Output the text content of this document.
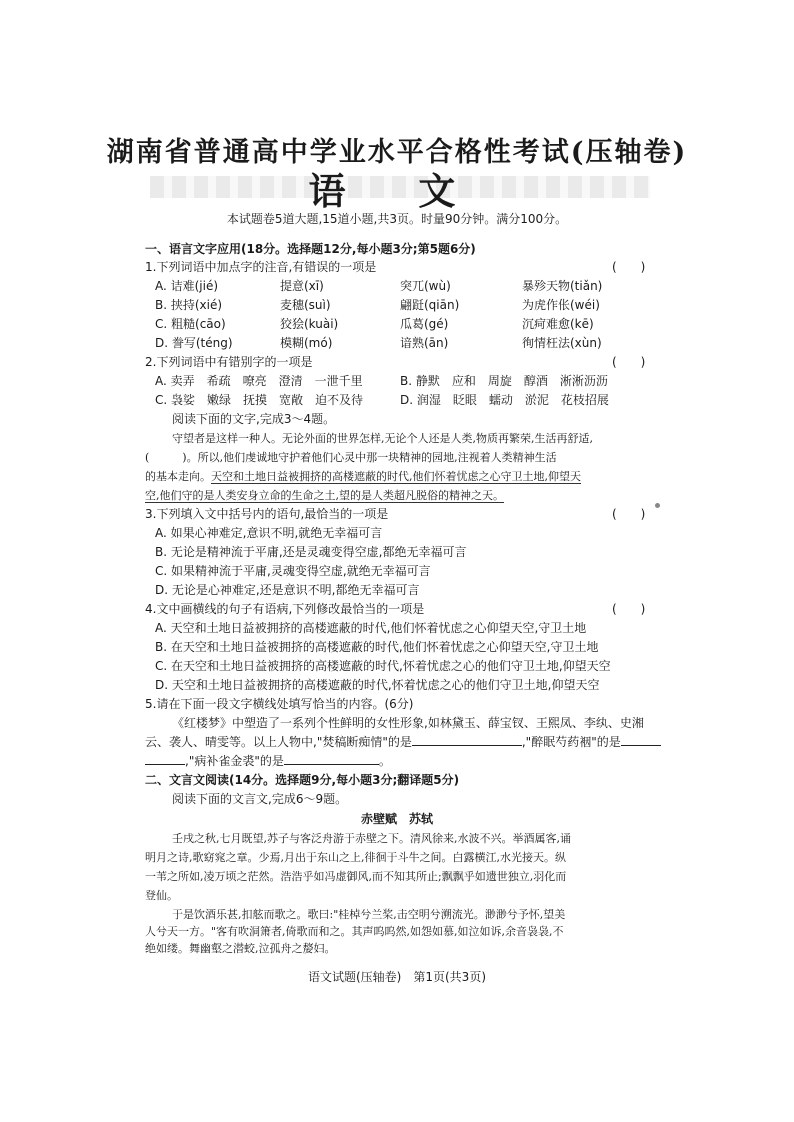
湖南省普通高中学业水平合格性考试(压轴卷)
语 文
本试题卷5道大题,15道小题,共3页。时量90分钟。满分100分。
一、语言文字应用(18分。选择题12分,每小题3分;第5题6分)
1.下列词语中加点字的注音,有错误的一项是	(　　)
A. 诘难(jié)	提意(xī)	突兀(wù)	暴殄天物(tiǎn)
B. 挟持(xié)	麦穗(suì)	翩跹(qiān)	为虎作伥(wéi)
C. 粗糙(cāo)	狡狯(kuài)	瓜葛(gé)	沉疴难愈(kē)
D. 誊写(téng)	模糊(mó)	谙熟(ān)	徇情枉法(xùn)
2.下列词语中有错别字的一项是	(　　)
A. 卖弄　希疏　嘹亮　澄清　一泄千里	B. 静默　应和　周旋　醇酒　淅淅沥沥
C. 袅娑　嫩绿　抚摸　宽敞　迫不及待	D. 润湿　眨眼　蠕动　淤泥　花枝招展
阅读下面的文字,完成3～4题。
守望者是这样一种人。无论外面的世界怎样,无论个人还是人类,物质再繁荣,生活再舒适,
(　　　)。所以,他们虔诚地守护着他们心灵中那一块精神的园地,注视着人类精神生活
的基本走向。天空和土地日益被拥挤的高楼遮蔽的时代,他们怀着忧虑之心守卫土地,仰望天
空,他们守的是人类安身立命的生命之土,望的是人类超凡脱俗的精神之天。
3.下列填入文中括号内的语句,最恰当的一项是	(　　)
A. 如果心神难定,意识不明,就绝无幸福可言
B. 无论是精神流于平庸,还是灵魂变得空虚,都绝无幸福可言
C. 如果精神流于平庸,灵魂变得空虚,就绝无幸福可言
D. 无论是心神难定,还是意识不明,都绝无幸福可言
4.文中画横线的句子有语病,下列修改最恰当的一项是	(　　)
A. 天空和土地日益被拥挤的高楼遮蔽的时代,他们怀着忧虑之心仰望天空,守卫土地
B. 在天空和土地日益被拥挤的高楼遮蔽的时代,他们怀着忧虑之心仰望天空,守卫土地
C. 在天空和土地日益被拥挤的高楼遮蔽的时代,怀着忧虑之心的他们守卫土地,仰望天空
D. 天空和土地日益被拥挤的高楼遮蔽的时代,怀着忧虑之心的他们守卫土地,仰望天空
5.请在下面一段文字横线处填写恰当的内容。(6分)
《红楼梦》中塑造了一系列个性鲜明的女性形象,如林黛玉、薛宝钗、王熙凤、李纨、史湘
云、袭人、晴雯等。以上人物中,"焚稿断痴情"的是	,"醉眠芍药裀"的是
,"病补雀金裘"的是	。
二、文言文阅读(14分。选择题9分,每小题3分;翻译题5分)
阅读下面的文言文,完成6～9题。
赤壁赋　苏轼
壬戌之秋,七月既望,苏子与客泛舟游于赤壁之下。清风徐来,水波不兴。举酒属客,诵
明月之诗,歌窈窕之章。少焉,月出于东山之上,徘徊于斗牛之间。白露横江,水光接天。纵
一苇之所如,凌万顷之茫然。浩浩乎如冯虚御风,而不知其所止;飘飘乎如遗世独立,羽化而
登仙。
语文试题(压轴卷)　第1页(共3页)
于是饮酒乐甚,扣舷而歌之。歌曰:"桂棹兮兰桨,击空明兮溯流光。渺渺兮予怀,望美
人兮天一方。"客有吹洞箫者,倚歌而和之。其声呜呜然,如怨如慕,如泣如诉,余音袅袅,不
绝如缕。舞幽壑之潜蛟,泣孤舟之嫠妇。
